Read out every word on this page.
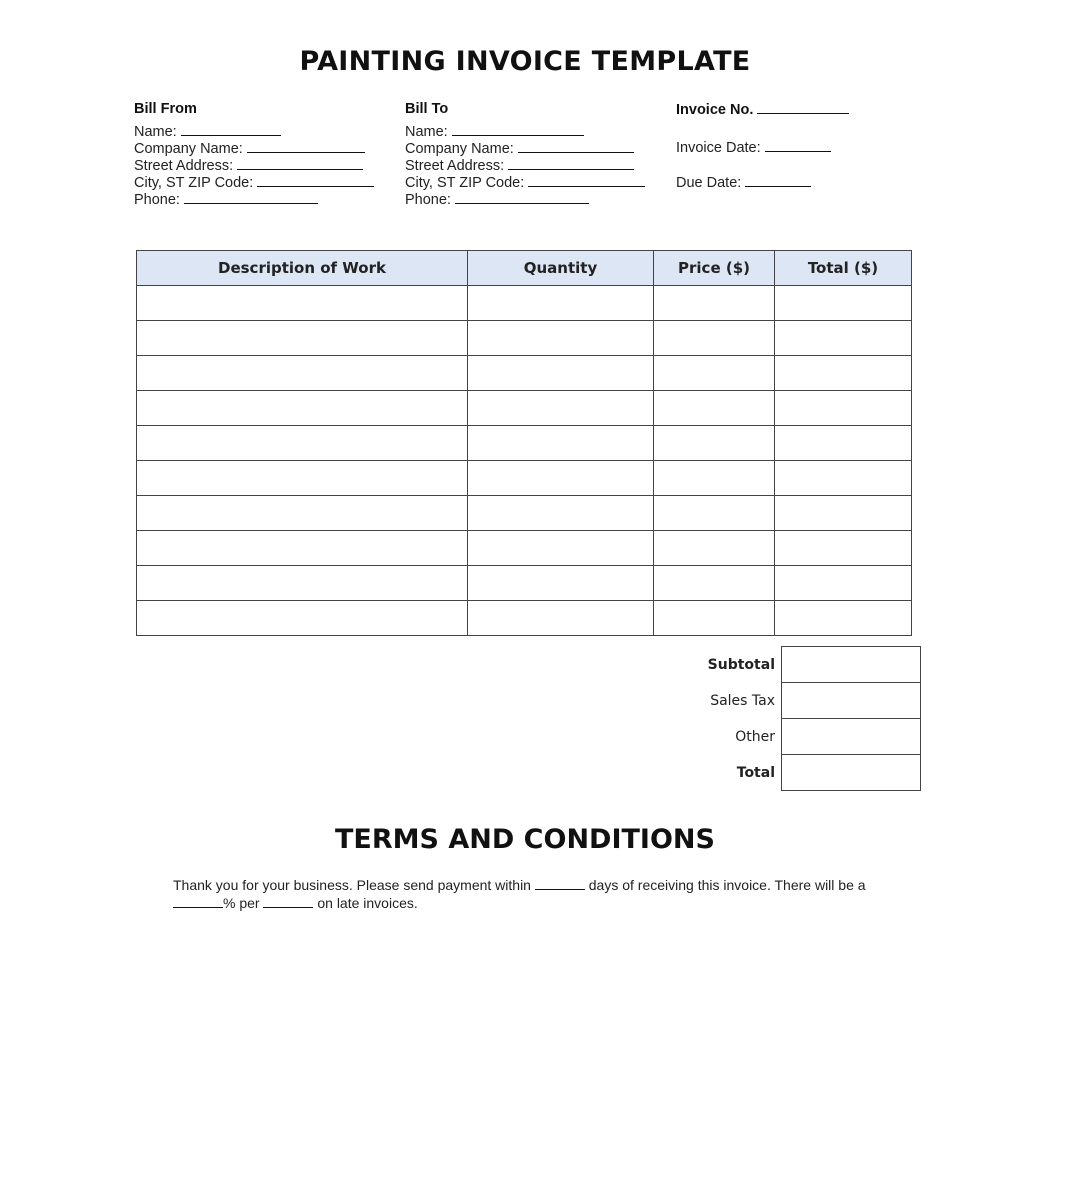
PAINTING INVOICE TEMPLATE
Bill From
Name:
Company Name:
Street Address:
City, ST ZIP Code:
Phone:
Bill To
Name:
Company Name:
Street Address:
City, ST ZIP Code:
Phone:
Invoice No.
Invoice Date:
Due Date:
Description of Work	Quantity	Price ($)	Total ($)

Subtotal	
Sales Tax	
Other	
Total	
TERMS AND CONDITIONS
Thank you for your business. Please send payment within	days of receiving this invoice. There will be a % per	on late invoices.
